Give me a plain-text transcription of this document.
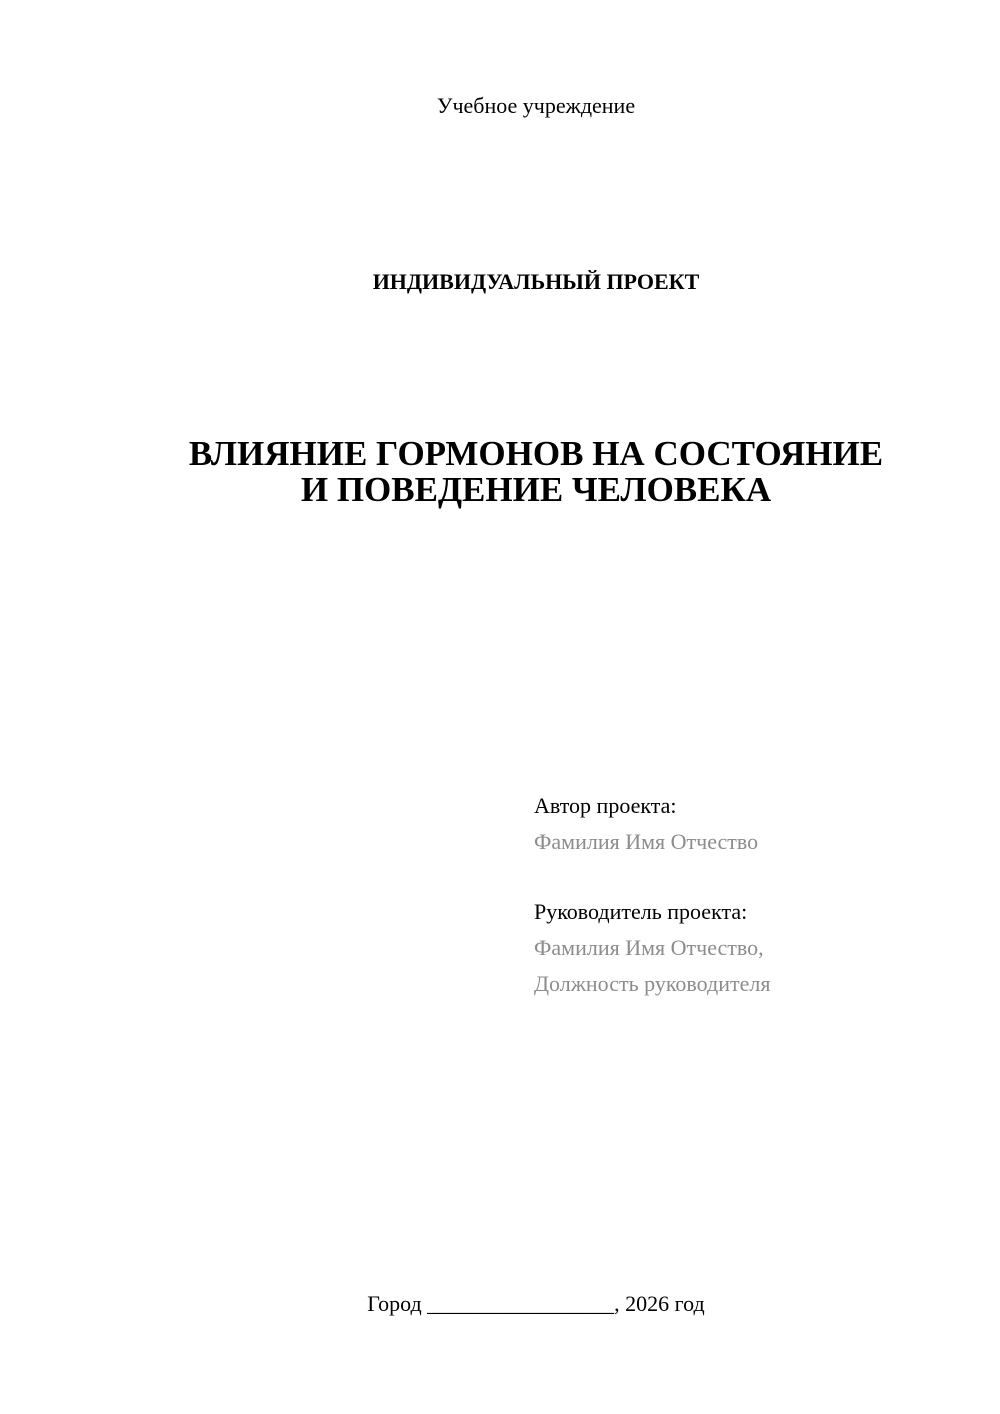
Учебное учреждение
ИНДИВИДУАЛЬНЫЙ ПРОЕКТ
ВЛИЯНИЕ ГОРМОНОВ НА СОСТОЯНИЕ
И ПОВЕДЕНИЕ ЧЕЛОВЕКА
Автор проекта:
Фамилия Имя Отчество
Руководитель проекта:
Фамилия Имя Отчество,
Должность руководителя
Город _________________, 2026 год
